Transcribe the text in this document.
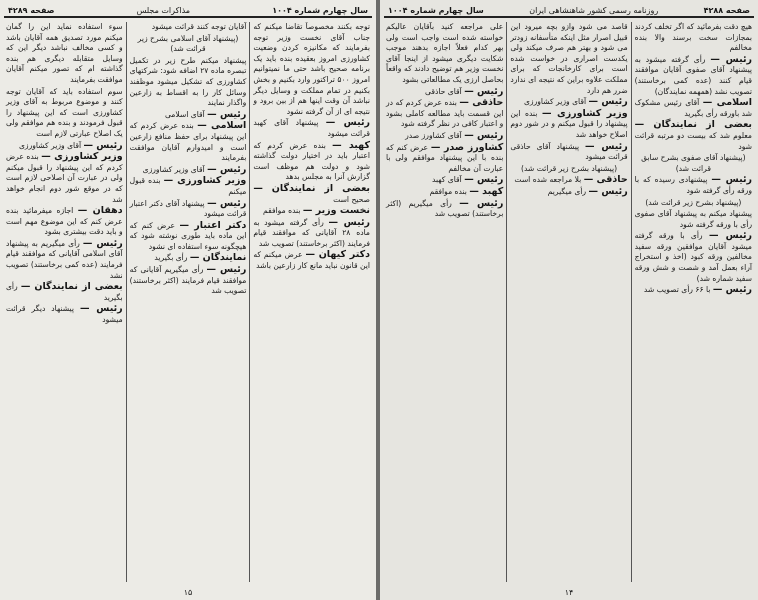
سال چهارم شماره ۱۰۰۴
مذاکرات مجلس
صفحه ۴۲۸۹

توجه بکنند مخصوصاً تقاضا میکنم که جناب آقای نخست وزیر توجه بفرمایند که مکانیزه کردن وضعیت کشاورزی امروز بعقیده بنده باید یک برنامه صحیح باشد حتی ما نمیتوانیم امروز ۵۰۰ تراکتور وارد بکنیم و بخش بکنیم در تمام مملکت و وسایل دیگر نباشد آن وقت اینها هم از بین برود و نتیجه ای از آن گرفته نشود

رئیس — پیشنهاد آقای کهبد قرائت میشود

کهبد — بنده عرض کردم که اعتبار باید در اختیار دولت گذاشته شود و دولت هم موظف است گزارش آنرا به مجلس بدهد

بعضی از نمایندگان — صحیح است

نخست وزیر — بنده موافقم

رئیس — رأی گرفته میشود به ماده ۲۸ آقایانی که موافقند قیام فرمایند (اکثر برخاستند) تصویب شد

دکتر کیهان — عرض میکنم که این قانون نباید مانع کار زارعین باشد

آقایان توجه کنند قرائت میشود

(پیشنهاد آقای اسلامی بشرح زیر قرائت شد)

پیشنهاد میکنم طرح زیر در تکمیل تبصره ماده ۲۷ اضافه شود: شرکتهای کشاورزی که تشکیل میشود موظفند وسائل کار را به اقساط به زارعین واگذار نمایند

رئیس — آقای اسلامی

اسلامی — بنده عرض کردم که این پیشنهاد برای حفظ منافع زارعین است و امیدوارم آقایان موافقت بفرمایند

رئیس — آقای وزیر کشاورزی

وزیر کشاورزی — بنده قبول میکنم

رئیس — پیشنهاد آقای دکتر اعتبار قرائت میشود

دکتر اعتبار — عرض کنم که این ماده باید طوری نوشته شود که هیچگونه سوء استفاده ای نشود

نمایندگان — رأی بگیرید

رئیس — رأی میگیریم آقایانی که موافقند قیام فرمایند (اکثر برخاستند) تصویب شد

سوء استفاده نماید این را گمان میکنم مورد تصدیق همه آقایان باشد و کسی مخالف نباشد دیگر این که وسایل متقابله دیگری هم بنده گذاشته ام که تصور میکنم آقایان موافقت بفرمایند

سوم استفاده باید که آقایان توجه کنند و موضوع مربوط به آقای وزیر کشاورزی است که این پیشنهاد را قبول فرمودند و بنده هم موافقم ولی یک اصلاح عبارتی لازم است

رئیس — آقای وزیر کشاورزی

وزیر کشاورزی — بنده عرض کردم که این پیشنهاد را قبول میکنم ولی در عبارت آن اصلاحی لازم است که در موقع شور دوم انجام خواهد شد

دهقان — اجازه میفرمائید بنده عرض کنم که این موضوع مهم است و باید دقت بیشتری بشود

رئیس — رأی میگیریم به پیشنهاد آقای اسلامی آقایانی که موافقند قیام فرمایند (عده کمی برخاستند) تصویب نشد

بعضی از نمایندگان — رأی بگیرید

رئیس — پیشنهاد دیگر قرائت میشود

۱۵
صفحه ۴۲۸۸
روزنامه رسمی کشور شاهنشاهی ایران
سال چهارم شماره ۱۰۰۴

هیچ دقت بفرمائید که اگر تخلف کردند بمجازات سخت برسند والا بنده مخالفم

رئیس — رأی گرفته میشود به پیشنهاد آقای صفوی آقایان موافقند قیام کنند (عده کمی برخاستند) تصویب نشد (همهمه نمایندگان)

اسلامی — آقای رئیس مشکوک شد باورقه رأی بگیرید

بعضی از نمایندگان — معلوم شد که بیست دو مرتبه قرائت شود

(پیشنهاد آقای صفوی بشرح سابق قرائت شد)

رئیس — پیشنهادی رسیده که با ورقه رأی گرفته شود

(پیشنهاد بشرح زیر قرائت شد)

پیشنهاد میکنم به پیشنهاد آقای صفوی رأی با ورقه گرفته شود

رئیس — رأی با ورقه گرفته میشود آقایان موافقین ورقه سفید مخالفین ورقه کبود (اخذ و استخراج آراء بعمل آمد و شصت و شش ورقه سفید شماره شد)

رئیس — با ۶۶ رأی تصویب شد

قاصد می شود وازو بچه میرود این قبیل اصرار مثل اینکه متأسفانه زودتر می شود و بهتر هم صرف میکند ولی یکدست اصراری در خواست شده است برای کارخانجات که برای مملکت علاوه براین که نتیجه ای ندارد ضرر هم دارد

رئیس — آقای وزیر کشاورزی

وزیر کشاورزی — بنده این پیشنهاد را قبول میکنم و در شور دوم اصلاح خواهد شد

رئیس — پیشنهاد آقای حاذقی قرائت میشود

(پیشنهاد بشرح زیر قرائت شد)

حاذقی — بلا مراجعه شده است

رئیس — رأی میگیریم

علی مراجعه کنید بآقایان عالیکم خواسته شده است واجب است ولی بهر کدام فعلاً اجازه بدهند موجب شکایت دیگری میشود از اینجا آقای نخست وزیر هم توضیح دادند که واقعاً بحاصل ارزی یک مطالعاتی بشود

رئیس — آقای حاذقی

حاذقی — بنده عرض کردم که در این قسمت باید مطالعه کاملی بشود و اعتبار کافی در نظر گرفته شود

رئیس — آقای کشاورز صدر

کشاورز صدر — عرض کنم که بنده با این پیشنهاد موافقم ولی با عبارت آن مخالفم

رئیس — آقای کهبد

کهبد — بنده موافقم

رئیس — رأی میگیریم (اکثر برخاستند) تصویب شد

۱۴
